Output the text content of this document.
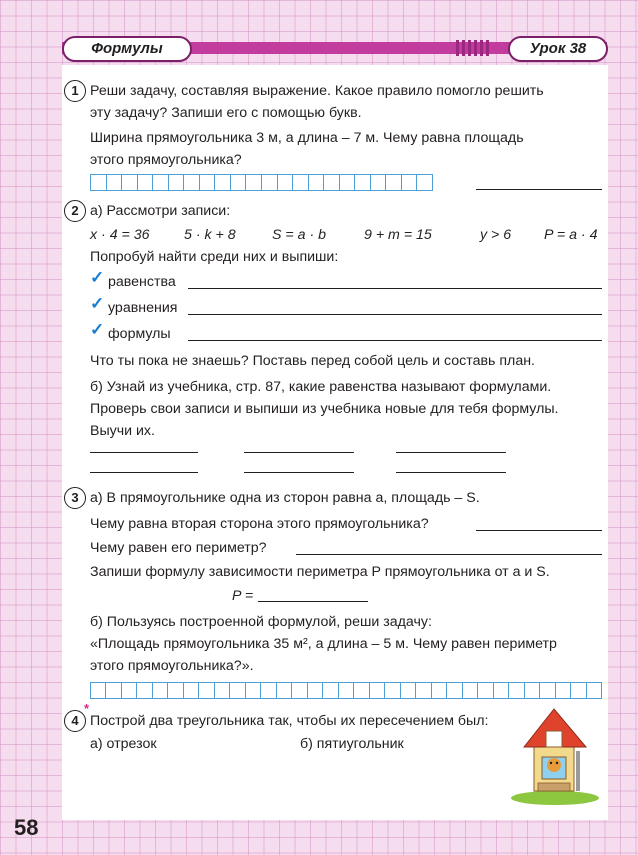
Формулы	Урок 38
1 Реши задачу, составляя выражение. Какое правило помогло решить
эту задачу? Запиши его с помощью букв.
Ширина прямоугольника 3 м, а длина – 7 м. Чему равна площадь
этого прямоугольника?
2 а) Рассмотри записи:
x · 4 = 36 5 · k + 8	S = a · b	9 + m = 15	y > 6 P = a · 4
Попробуй найти среди них и выпиши:
✓ равенства
✓ уравнения
✓ формулы
Что ты пока не знаешь? Поставь перед собой цель и составь план.
б) Узнай из учебника, стр. 87, какие равенства называют формулами.
Проверь свои записи и выпиши из учебника новые для тебя формулы.
Выучи их.
3 а) В прямоугольнике одна из сторон равна a, площадь – S.
Чему равна вторая сторона этого прямоугольника?
Чему равен его периметр?
Запиши формулу зависимости периметра P прямоугольника от a и S.
P =
б) Пользуясь построенной формулой, реши задачу:
«Площадь прямоугольника 35 м², а длина – 5 м. Чему равен периметр
этого прямоугольника?».
4
*
Построй два треугольника так, чтобы их пересечением был:
а) отрезок	б) пятиугольник
58
